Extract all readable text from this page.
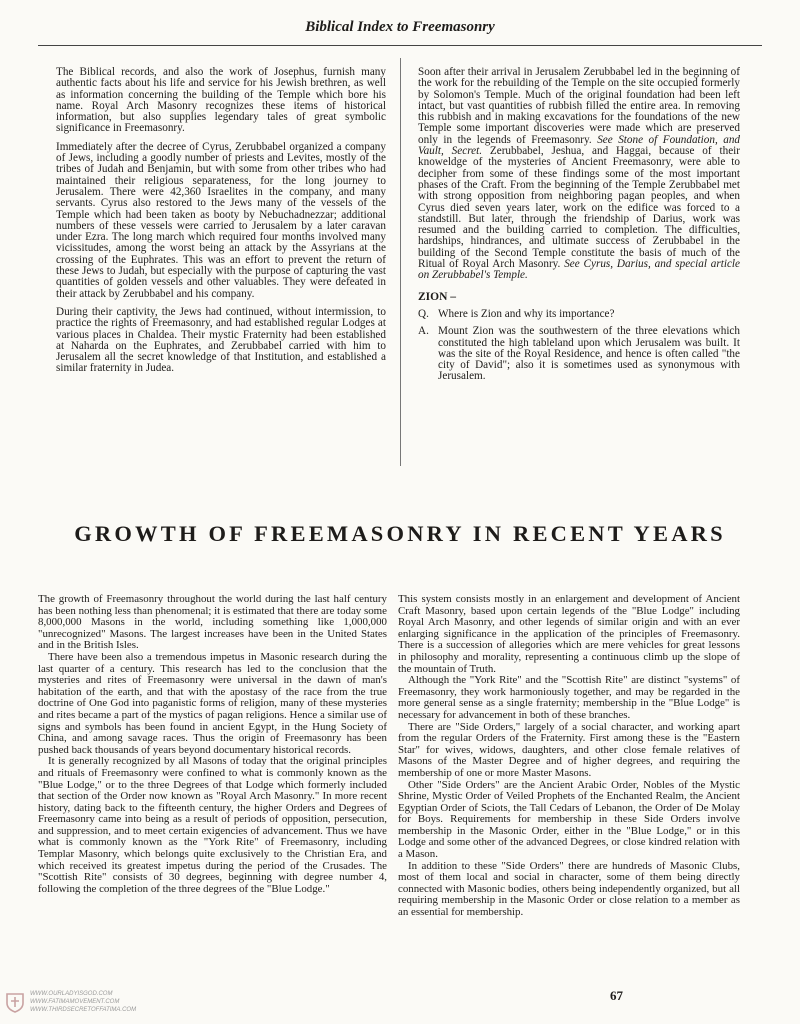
Biblical Index to Freemasonry

The Biblical records, and also the work of Josephus, furnish many authentic facts about his life and service for his Jewish brethren, as well as information concerning the building of the Temple which bore his name. Royal Arch Masonry recognizes these items of historical information, but also supplies legendary tales of great symbolic significance in Freemasonry.

Immediately after the decree of Cyrus, Zerubbabel organized a company of Jews, including a goodly number of priests and Levites, mostly of the tribes of Judah and Benjamin, but with some from other tribes who had maintained their religious separateness, for the long journey to Jerusalem. There were 42,360 Israelites in the company, and many servants. Cyrus also restored to the Jews many of the vessels of the Temple which had been taken as booty by Nebuchadnezzar; additional numbers of these vessels were carried to Jerusalem by a later caravan under Ezra. The long march which required four months involved many vicissitudes, among the worst being an attack by the Assyrians at the crossing of the Euphrates. This was an effort to prevent the return of these Jews to Judah, but especially with the purpose of capturing the vast quantities of golden vessels and other valuables. They were defeated in their attack by Zerubbabel and his company.

During their captivity, the Jews had continued, without intermission, to practice the rights of Freemasonry, and had established regular Lodges at various places in Chaldea. Their mystic Fraternity had been established at Naharda on the Euphrates, and Zerubbabel carried with him to Jerusalem all the secret knowledge of that Institution, and established a similar fraternity in Judea.

Soon after their arrival in Jerusalem Zerubbabel led in the beginning of the work for the rebuilding of the Temple on the site occupied formerly by Solomon's Temple. Much of the original foundation had been left intact, but vast quantities of rubbish filled the entire area. In removing this rubbish and in making excavations for the foundations of the new Temple some important discoveries were made which are preserved only in the legends of Freemasonry. See Stone of Foundation, and Vault, Secret. Zerubbabel, Jeshua, and Haggai, because of their knoweldge of the mysteries of Ancient Freemasonry, were able to decipher from some of these findings some of the most important phases of the Craft. From the beginning of the Temple Zerubbabel met with strong opposition from neighboring pagan peoples, and when Cyrus died seven years later, work on the edifice was forced to a standstill. But later, through the friendship of Darius, work was resumed and the building carried to completion. The difficulties, hardships, hindrances, and ultimate success of Zerubbabel in the building of the Second Temple constitute the basis of much of the Ritual of Royal Arch Masonry. See Cyrus, Darius, and special article on Zerubbabel's Temple.

ZION –
Q. Where is Zion and why its importance?
A. Mount Zion was the southwestern of the three elevations which constituted the high tableland upon which Jerusalem was built. It was the site of the Royal Residence, and hence is often called "the city of David"; also it is sometimes used as synonymous with Jerusalem.
GROWTH OF FREEMASONRY IN RECENT YEARS

The growth of Freemasonry throughout the world during the last half century has been nothing less than phenomenal; it is estimated that there are today some 8,000,000 Masons in the world, including something like 1,000,000 "unrecognized" Masons. The largest increases have been in the United States and in the British Isles.

There have been also a tremendous impetus in Masonic research during the last quarter of a century. This research has led to the conclusion that the mysteries and rites of Freemasonry were universal in the dawn of man's habitation of the earth, and that with the apostasy of the race from the true doctrine of One God into paganistic forms of religion, many of these mysteries and rites became a part of the mystics of pagan religions. Hence a similar use of signs and symbols has been found in ancient Egypt, in the Hung Society of China, and among savage races. Thus the origin of Freemasonry has been pushed back thousands of years beyond documentary historical records.

It is generally recognized by all Masons of today that the original principles and rituals of Freemasonry were confined to what is commonly known as the "Blue Lodge," or to the three Degrees of that Lodge which formerly included that section of the Order now known as "Royal Arch Masonry." In more recent history, dating back to the fifteenth century, the higher Orders and Degrees of Freemasonry came into being as a result of periods of opposition, persecution, and suppression, and to meet certain exigencies of advancement. Thus we have what is commonly known as the "York Rite" of Freemasonry, including Templar Masonry, which belongs quite exclusively to the Christian Era, and which received its greatest impetus during the period of the Crusades. The "Scottish Rite" consists of 30 degrees, beginning with degree number 4, following the completion of the three degrees of the "Blue Lodge."

This system consists mostly in an enlargement and development of Ancient Craft Masonry, based upon certain legends of the "Blue Lodge" including Royal Arch Masonry, and other legends of similar origin and with an ever enlarging significance in the application of the principles of Freemasonry. There is a succession of allegories which are mere vehicles for great lessons in philosophy and morality, representing a continuous climb up the slope of the mountain of Truth.

Although the "York Rite" and the "Scottish Rite" are distinct "systems" of Freemasonry, they work harmoniously together, and may be regarded in the more general sense as a single fraternity; membership in the "Blue Lodge" is necessary for advancement in both of these branches.

There are "Side Orders," largely of a social character, and working apart from the regular Orders of the Fraternity. First among these is the "Eastern Star" for wives, widows, daughters, and other close female relatives of Masons of the Master Degree and of higher degrees, and requiring the membership of one or more Master Masons.

Other "Side Orders" are the Ancient Arabic Order, Nobles of the Mystic Shrine, Mystic Order of Veiled Prophets of the Enchanted Realm, the Ancient Egyptian Order of Sciots, the Tall Cedars of Lebanon, the Order of De Molay for Boys. Requirements for membership in these Side Orders involve membership in the Masonic Order, either in the "Blue Lodge," or in this Lodge and some other of the advanced Degrees, or close kindred relation with a Mason.

In addition to these "Side Orders" there are hundreds of Masonic Clubs, most of them local and social in character, some of them being directly connected with Masonic bodies, others being independently organized, but all requiring membership in the Masonic Order or close relation to a member as an essential for membership.

67
WWW.OURLADYISGOD.COM
WWW.FATIMAMOVEMENT.COM
WWW.THIRDSECRETOFFATIMA.COM
